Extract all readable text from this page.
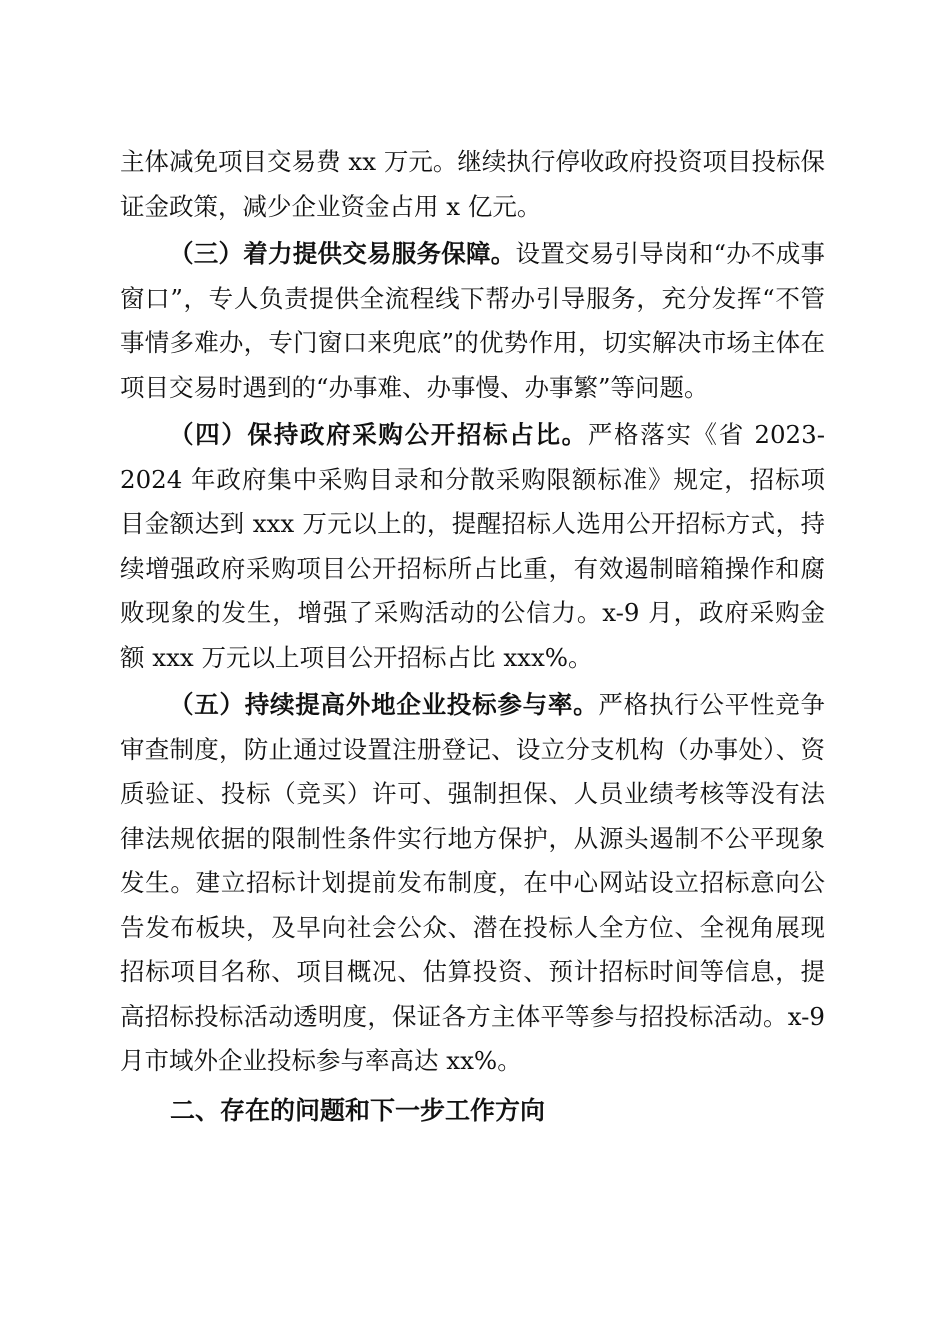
主体减免项目交易费 xx 万元。继续执行停收政府投资项目投标保证金政策，减少企业资金占用 x 亿元。

（三）着力提供交易服务保障。设置交易引导岗和“办不成事窗口”，专人负责提供全流程线下帮办引导服务，充分发挥“不管事情多难办，专门窗口来兜底”的优势作用，切实解决市场主体在项目交易时遇到的“办事难、办事慢、办事繁”等问题。

（四）保持政府采购公开招标占比。严格落实《省 2023-2024 年政府集中采购目录和分散采购限额标准》规定，招标项目金额达到 xxx 万元以上的，提醒招标人选用公开招标方式，持续增强政府采购项目公开招标所占比重，有效遏制暗箱操作和腐败现象的发生，增强了采购活动的公信力。x-9 月，政府采购金额 xxx 万元以上项目公开招标占比 xxx%。

（五）持续提高外地企业投标参与率。严格执行公平性竞争审查制度，防止通过设置注册登记、设立分支机构（办事处）、资质验证、投标（竞买）许可、强制担保、人员业绩考核等没有法律法规依据的限制性条件实行地方保护，从源头遏制不公平现象发生。建立招标计划提前发布制度，在中心网站设立招标意向公告发布板块，及早向社会公众、潜在投标人全方位、全视角展现招标项目名称、项目概况、估算投资、预计招标时间等信息，提高招标投标活动透明度，保证各方主体平等参与招投标活动。x-9 月市域外企业投标参与率高达 xx%。

二、存在的问题和下一步工作方向
